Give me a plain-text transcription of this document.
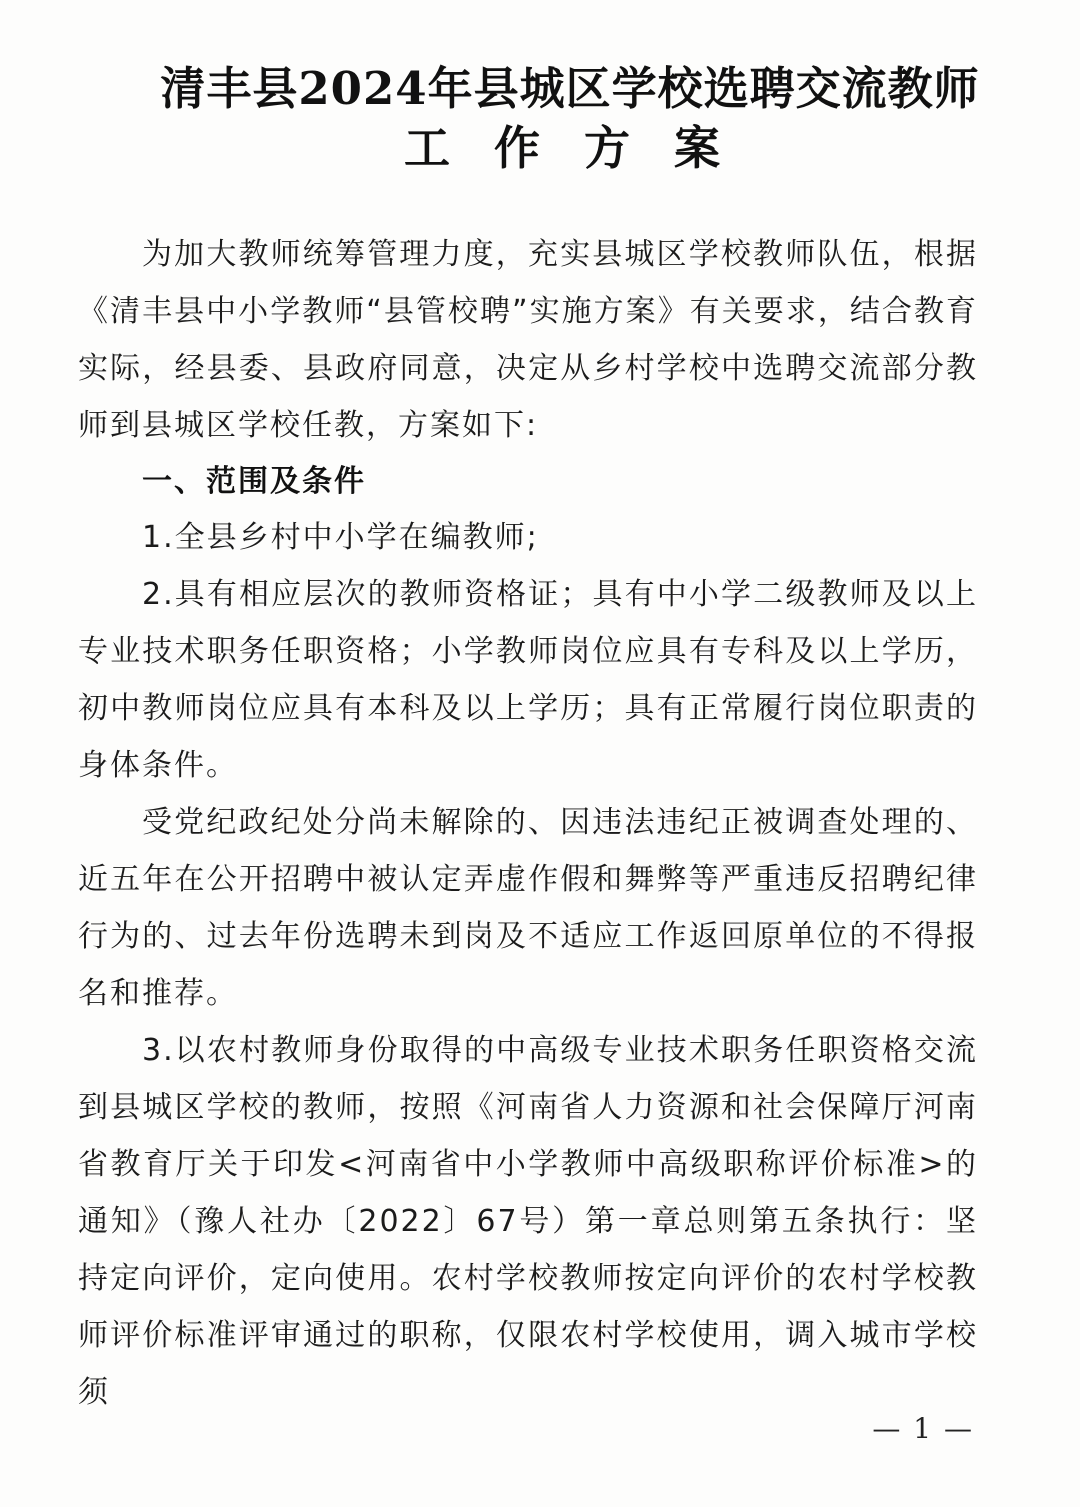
清丰县2024年县城区学校选聘交流教师
工作方案

为加大教师统筹管理力度，充实县城区学校教师队伍，根据《清丰县中小学教师“县管校聘”实施方案》有关要求，结合教育实际，经县委、县政府同意，决定从乡村学校中选聘交流部分教师到县城区学校任教，方案如下:

一、范围及条件

1.全县乡村中小学在编教师;

2.具有相应层次的教师资格证；具有中小学二级教师及以上专业技术职务任职资格；小学教师岗位应具有专科及以上学历，初中教师岗位应具有本科及以上学历；具有正常履行岗位职责的身体条件。

受党纪政纪处分尚未解除的、因违法违纪正被调查处理的、近五年在公开招聘中被认定弄虚作假和舞弊等严重违反招聘纪律行为的、过去年份选聘未到岗及不适应工作返回原单位的不得报名和推荐。

3.以农村教师身份取得的中高级专业技术职务任职资格交流到县城区学校的教师，按照《河南省人力资源和社会保障厅河南省教育厅关于印发<河南省中小学教师中高级职称评价标准>的通知》（豫人社办〔2022〕67号）第一章总则第五条执行：坚持定向评价，定向使用。农村学校教师按定向评价的农村学校教师评价标准评审通过的职称，仅限农村学校使用，调入城市学校须

— 1 —
